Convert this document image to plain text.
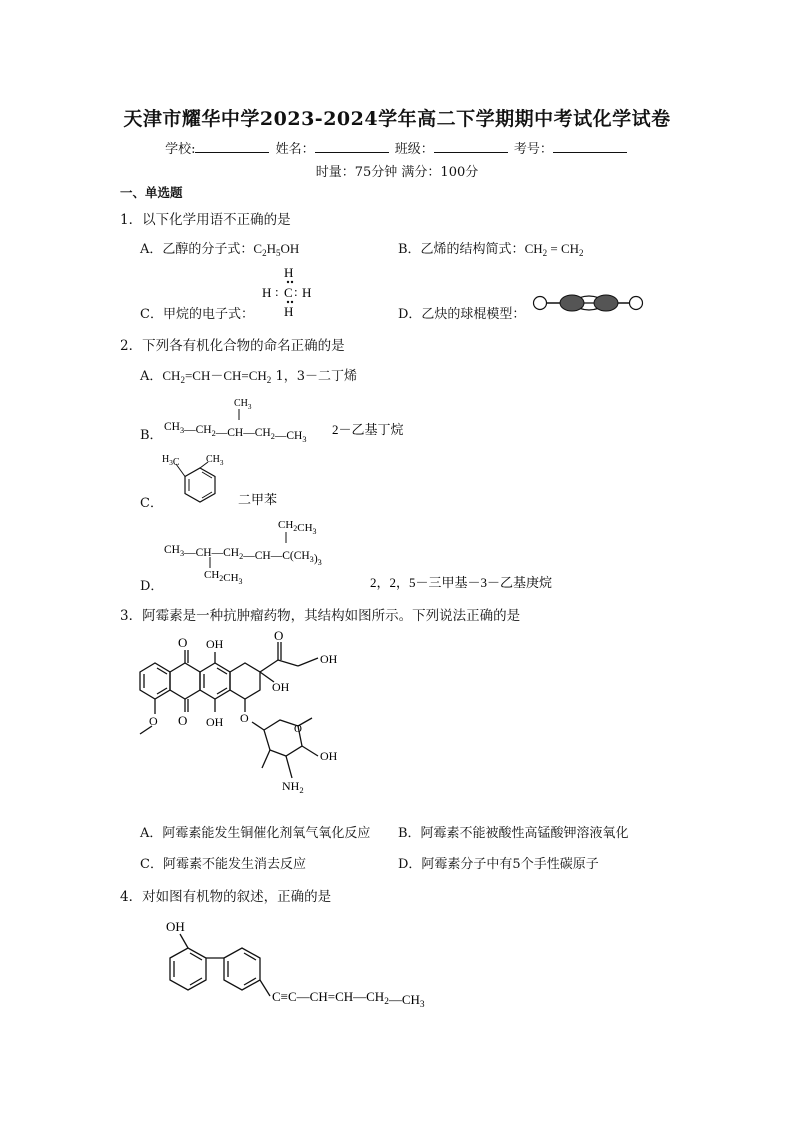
天津市耀华中学2023-2024学年高二下学期期中考试化学试卷
学校:	姓名：	班级：	考号：
时量：75分钟 满分：100分
一、单选题
1．以下化学用语不正确的是
A．乙醇的分子式：$C_2H_5OH$	B．乙烯的结构简式：$CH_2 = CH_2$
C．甲烷的电子式：
H
H : C : H
H	D．乙炔的球棍模型：
2．下列各有机化合物的命名正确的是
A．$CH_2=CH-CH=CH_2$ 1，3－二丁烯
B．
$CH_3—CH_2—CH—CH_2—CH_3$
$CH_3$
2－乙基丁烷
C．
$H_3C$	$CH_3$
二甲苯
D．
$CH_3—CH—CH_2—CH—C(CH_3)_3$
$CH_2CH_3$
$CH_2CH_3$	2，2，5－三甲基－3－乙基庚烷
3．阿霉素是一种抗肿瘤药物，其结构如图所示。下列说法正确的是
O
O
OH
OH
O
O
OH
OH
O
O
OH
$NH_2$
A．阿霉素能发生铜催化剂氧气氧化反应 B．阿霉素不能被酸性高锰酸钾溶液氧化
C．阿霉素不能发生消去反应	D．阿霉素分子中有5个手性碳原子
4．对如图有机物的叙述，正确的是
OH
$C\equiv C—CH=CH—CH_2—CH_3$
